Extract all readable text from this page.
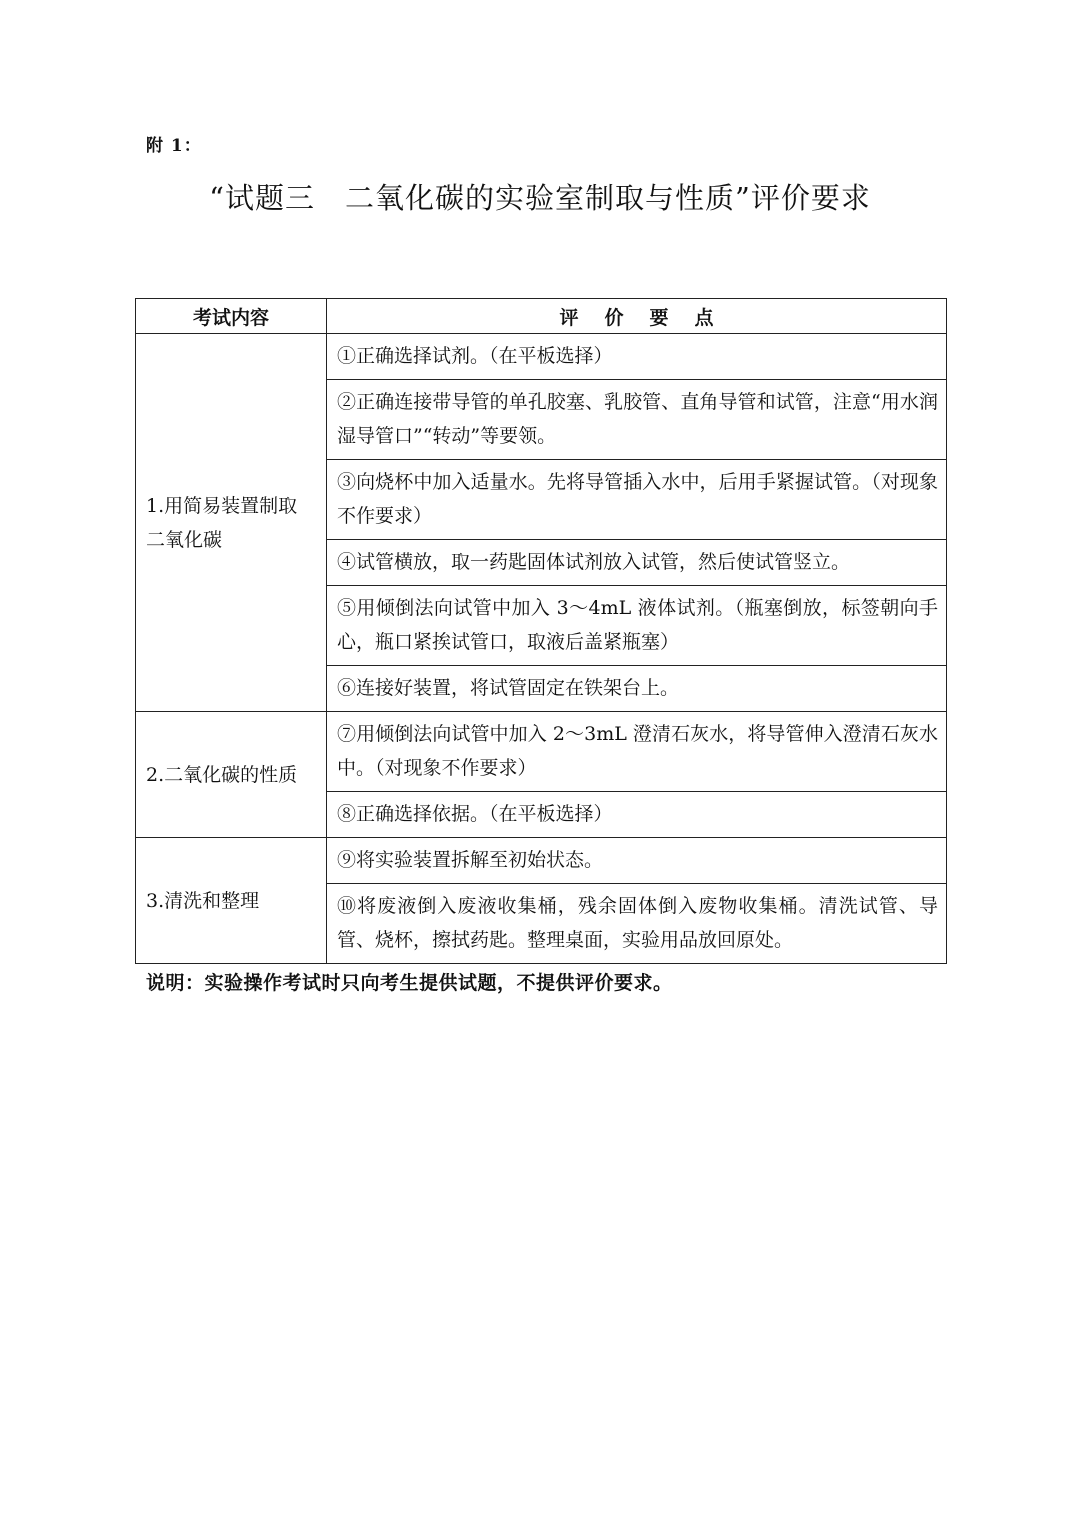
附 1：
“试题三　二氧化碳的实验室制取与性质”评价要求
考试内容	评价要点

1.用简易装置制取
二氧化碳	①正确选择试剂。（在平板选择）
	②正确连接带导管的单孔胶塞、乳胶管、直角导管和试管，注意“用水润湿导管口”“转动”等要领。
	③向烧杯中加入适量水。先将导管插入水中，后用手紧握试管。（对现象不作要求）
	④试管横放，取一药匙固体试剂放入试管，然后使试管竖立。
	⑤用倾倒法向试管中加入 3～4mL 液体试剂。（瓶塞倒放，标签朝向手心，瓶口紧挨试管口，取液后盖紧瓶塞）
	⑥连接好装置，将试管固定在铁架台上。

2.二氧化碳的性质	⑦用倾倒法向试管中加入 2～3mL 澄清石灰水，将导管伸入澄清石灰水中。（对现象不作要求）
	⑧正确选择依据。（在平板选择）

3.清洗和整理	⑨将实验装置拆解至初始状态。
	⑩将废液倒入废液收集桶，残余固体倒入废物收集桶。清洗试管、导管、烧杯，擦拭药匙。整理桌面，实验用品放回原处。
说明：实验操作考试时只向考生提供试题，不提供评价要求。
